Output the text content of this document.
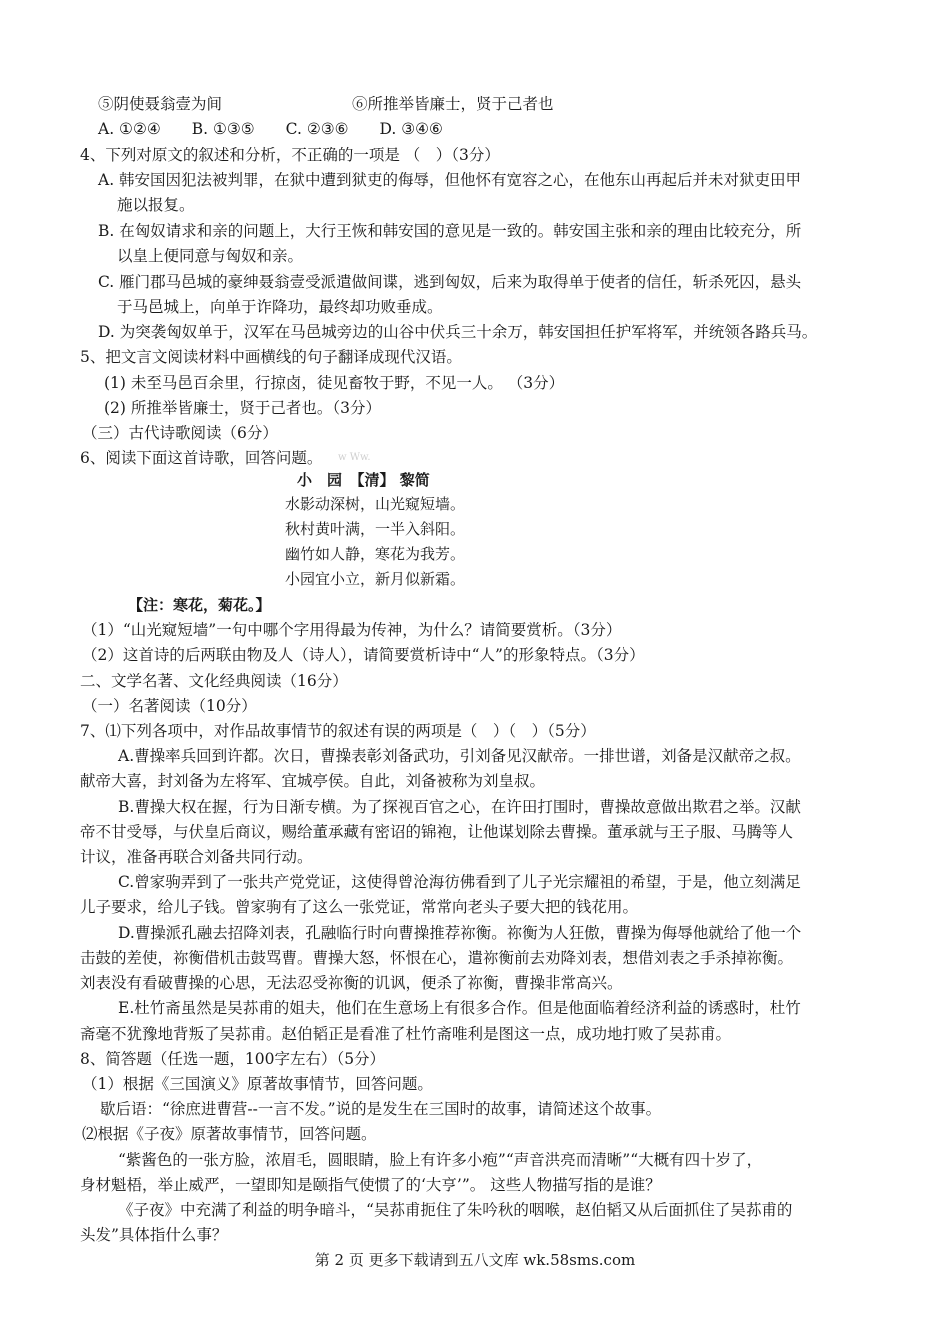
⑤阴使聂翁壹为间	⑥所推举皆廉士，贤于己者也
A. ①②④　　B. ①③⑤　　C. ②③⑥　　D. ③④⑥
4、下列对原文的叙述和分析，不正确的一项是 （　）（3分）
A. 韩安国因犯法被判罪，在狱中遭到狱吏的侮辱，但他怀有宽容之心，在他东山再起后并未对狱吏田甲
施以报复。
B. 在匈奴请求和亲的问题上，大行王恢和韩安国的意见是一致的。韩安国主张和亲的理由比较充分，所
以皇上便同意与匈奴和亲。
C. 雁门郡马邑城的豪绅聂翁壹受派遣做间谍，逃到匈奴，后来为取得单于使者的信任，斩杀死囚，悬头
于马邑城上，向单于诈降功，最终却功败垂成。
D. 为突袭匈奴单于，汉军在马邑城旁边的山谷中伏兵三十余万，韩安国担任护军将军，并统领各路兵马。
5、把文言文阅读材料中画横线的句子翻译成现代汉语。
(1) 未至马邑百余里，行掠卤，徒见畜牧于野，不见一人。 （3分）
(2) 所推举皆廉士，贤于己者也。（3分）
（三）古代诗歌阅读（6分）
6、阅读下面这首诗歌，回答问题。 w Ww.
小　园　【清】 黎简
水影动深树，山光窥短墙。
秋村黄叶满，一半入斜阳。
幽竹如人静，寒花为我芳。
小园宜小立，新月似新霜。
【注：寒花，菊花。】
（1）“山光窥短墙”一句中哪个字用得最为传神，为什么？请简要赏析。（3分）
（2）这首诗的后两联由物及人（诗人），请简要赏析诗中“人”的形象特点。（3分）
二、文学名著、文化经典阅读（16分）
（一）名著阅读（10分）
7、⑴下列各项中，对作品故事情节的叙述有误的两项是（　）（　）（5分）
A.曹操率兵回到许都。次日，曹操表彰刘备武功，引刘备见汉献帝。一排世谱，刘备是汉献帝之叔。
献帝大喜，封刘备为左将军、宜城亭侯。自此，刘备被称为刘皇叔。
B.曹操大权在握，行为日渐专横。为了探视百官之心，在许田打围时，曹操故意做出欺君之举。汉献
帝不甘受辱，与伏皇后商议，赐给董承藏有密诏的锦袍，让他谋划除去曹操。董承就与王子服、马腾等人
计议，准备再联合刘备共同行动。
C.曾家驹弄到了一张共产党党证，这使得曾沧海彷佛看到了儿子光宗耀祖的希望，于是，他立刻满足
儿子要求，给儿子钱。曾家驹有了这么一张党证，常常向老头子要大把的钱花用。
D.曹操派孔融去招降刘表，孔融临行时向曹操推荐祢衡。祢衡为人狂傲，曹操为侮辱他就给了他一个
击鼓的差使，祢衡借机击鼓骂曹。曹操大怒，怀恨在心，遣祢衡前去劝降刘表，想借刘表之手杀掉祢衡。
刘表没有看破曹操的心思，无法忍受祢衡的讥讽，便杀了祢衡，曹操非常高兴。
E.杜竹斋虽然是吴荪甫的姐夫，他们在生意场上有很多合作。但是他面临着经济利益的诱惑时，杜竹
斋毫不犹豫地背叛了吴荪甫。赵伯韬正是看准了杜竹斋唯利是图这一点，成功地打败了吴荪甫。
8、简答题（任选一题，100字左右）（5分）
（1）根据《三国演义》原著故事情节，回答问题。
歇后语：“徐庶进曹营--一言不发。”说的是发生在三国时的故事，请简述这个故事。
⑵根据《子夜》原著故事情节，回答问题。
“紫酱色的一张方脸，浓眉毛，圆眼睛，脸上有许多小疱”“声音洪亮而清晰”“大概有四十岁了，
身材魁梧，举止威严，一望即知是颐指气使惯了的‘大亨’”。 这些人物描写指的是谁？
《子夜》中充满了利益的明争暗斗，“吴荪甫扼住了朱吟秋的咽喉，赵伯韬又从后面抓住了吴荪甫的
头发”具体指什么事？
第 2 页 更多下载请到五八文库 wk.58sms.com
